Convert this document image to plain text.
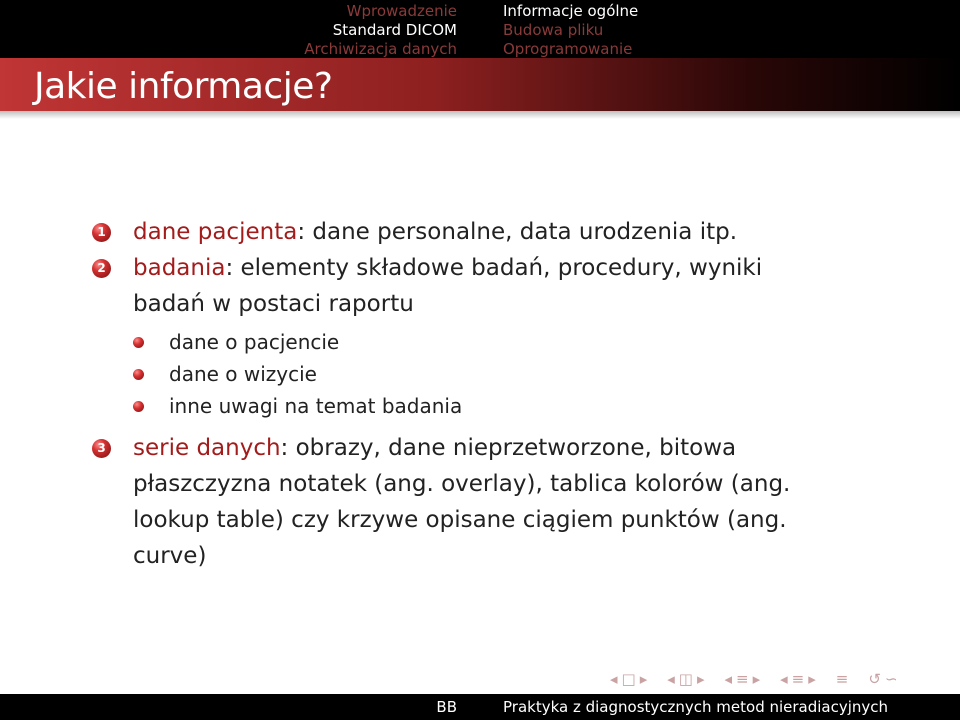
Wprowadzenie
Standard DICOM
Archiwizacja danych
Informacje ogólne
Budowa pliku
Oprogramowanie
Jakie informacje?
1 dane pacjenta: dane personalne, data urodzenia itp.
2 badania: elementy składowe badań, procedury, wyniki badań w postaci raportu
dane o pacjencie
dane o wizycie
inne uwagi na temat badania
3 serie danych: obrazy, dane nieprzetworzone, bitowa płaszczyzna notatek (ang. overlay), tablica kolorów (ang. lookup table) czy krzywe opisane ciągiem punktów (ang. curve)
◂ □ ▸ ◂ ◫ ▸ ◂ ≡ ▸ ◂ ≡ ▸ ≡ ↺ ∽
BB	Praktyka z diagnostycznych metod nieradiacyjnych
